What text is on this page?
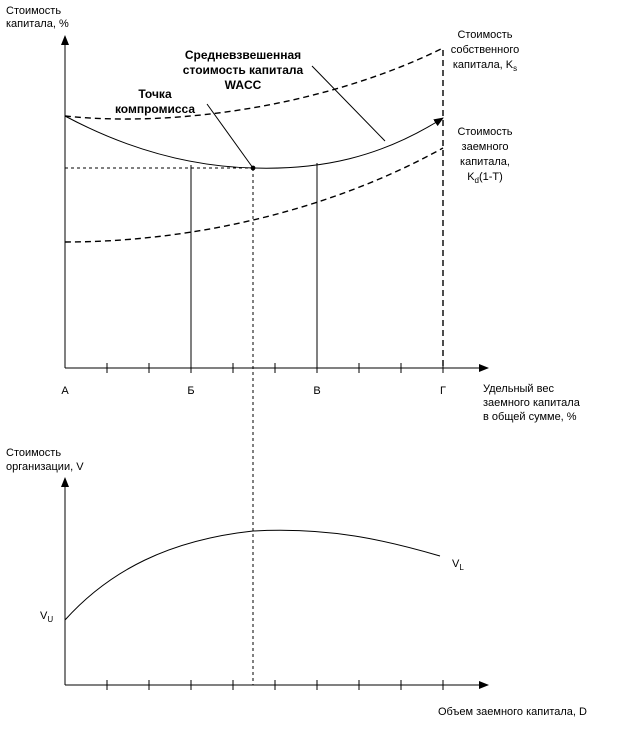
Стоимость
капитала, %
А	Б	В	Г	Удельный вес
заемного капитала
в общей сумме, %
Средневзвешенная
стоимость капитала
WACC
Точка
компромисса
Стоимость
собственного
капитала, $K_s$
Стоимость
заемного
капитала,
$K_d(1-T)$
Стоимость
организации, V
$V_L$
$V_U$
Объем заемного капитала, D
